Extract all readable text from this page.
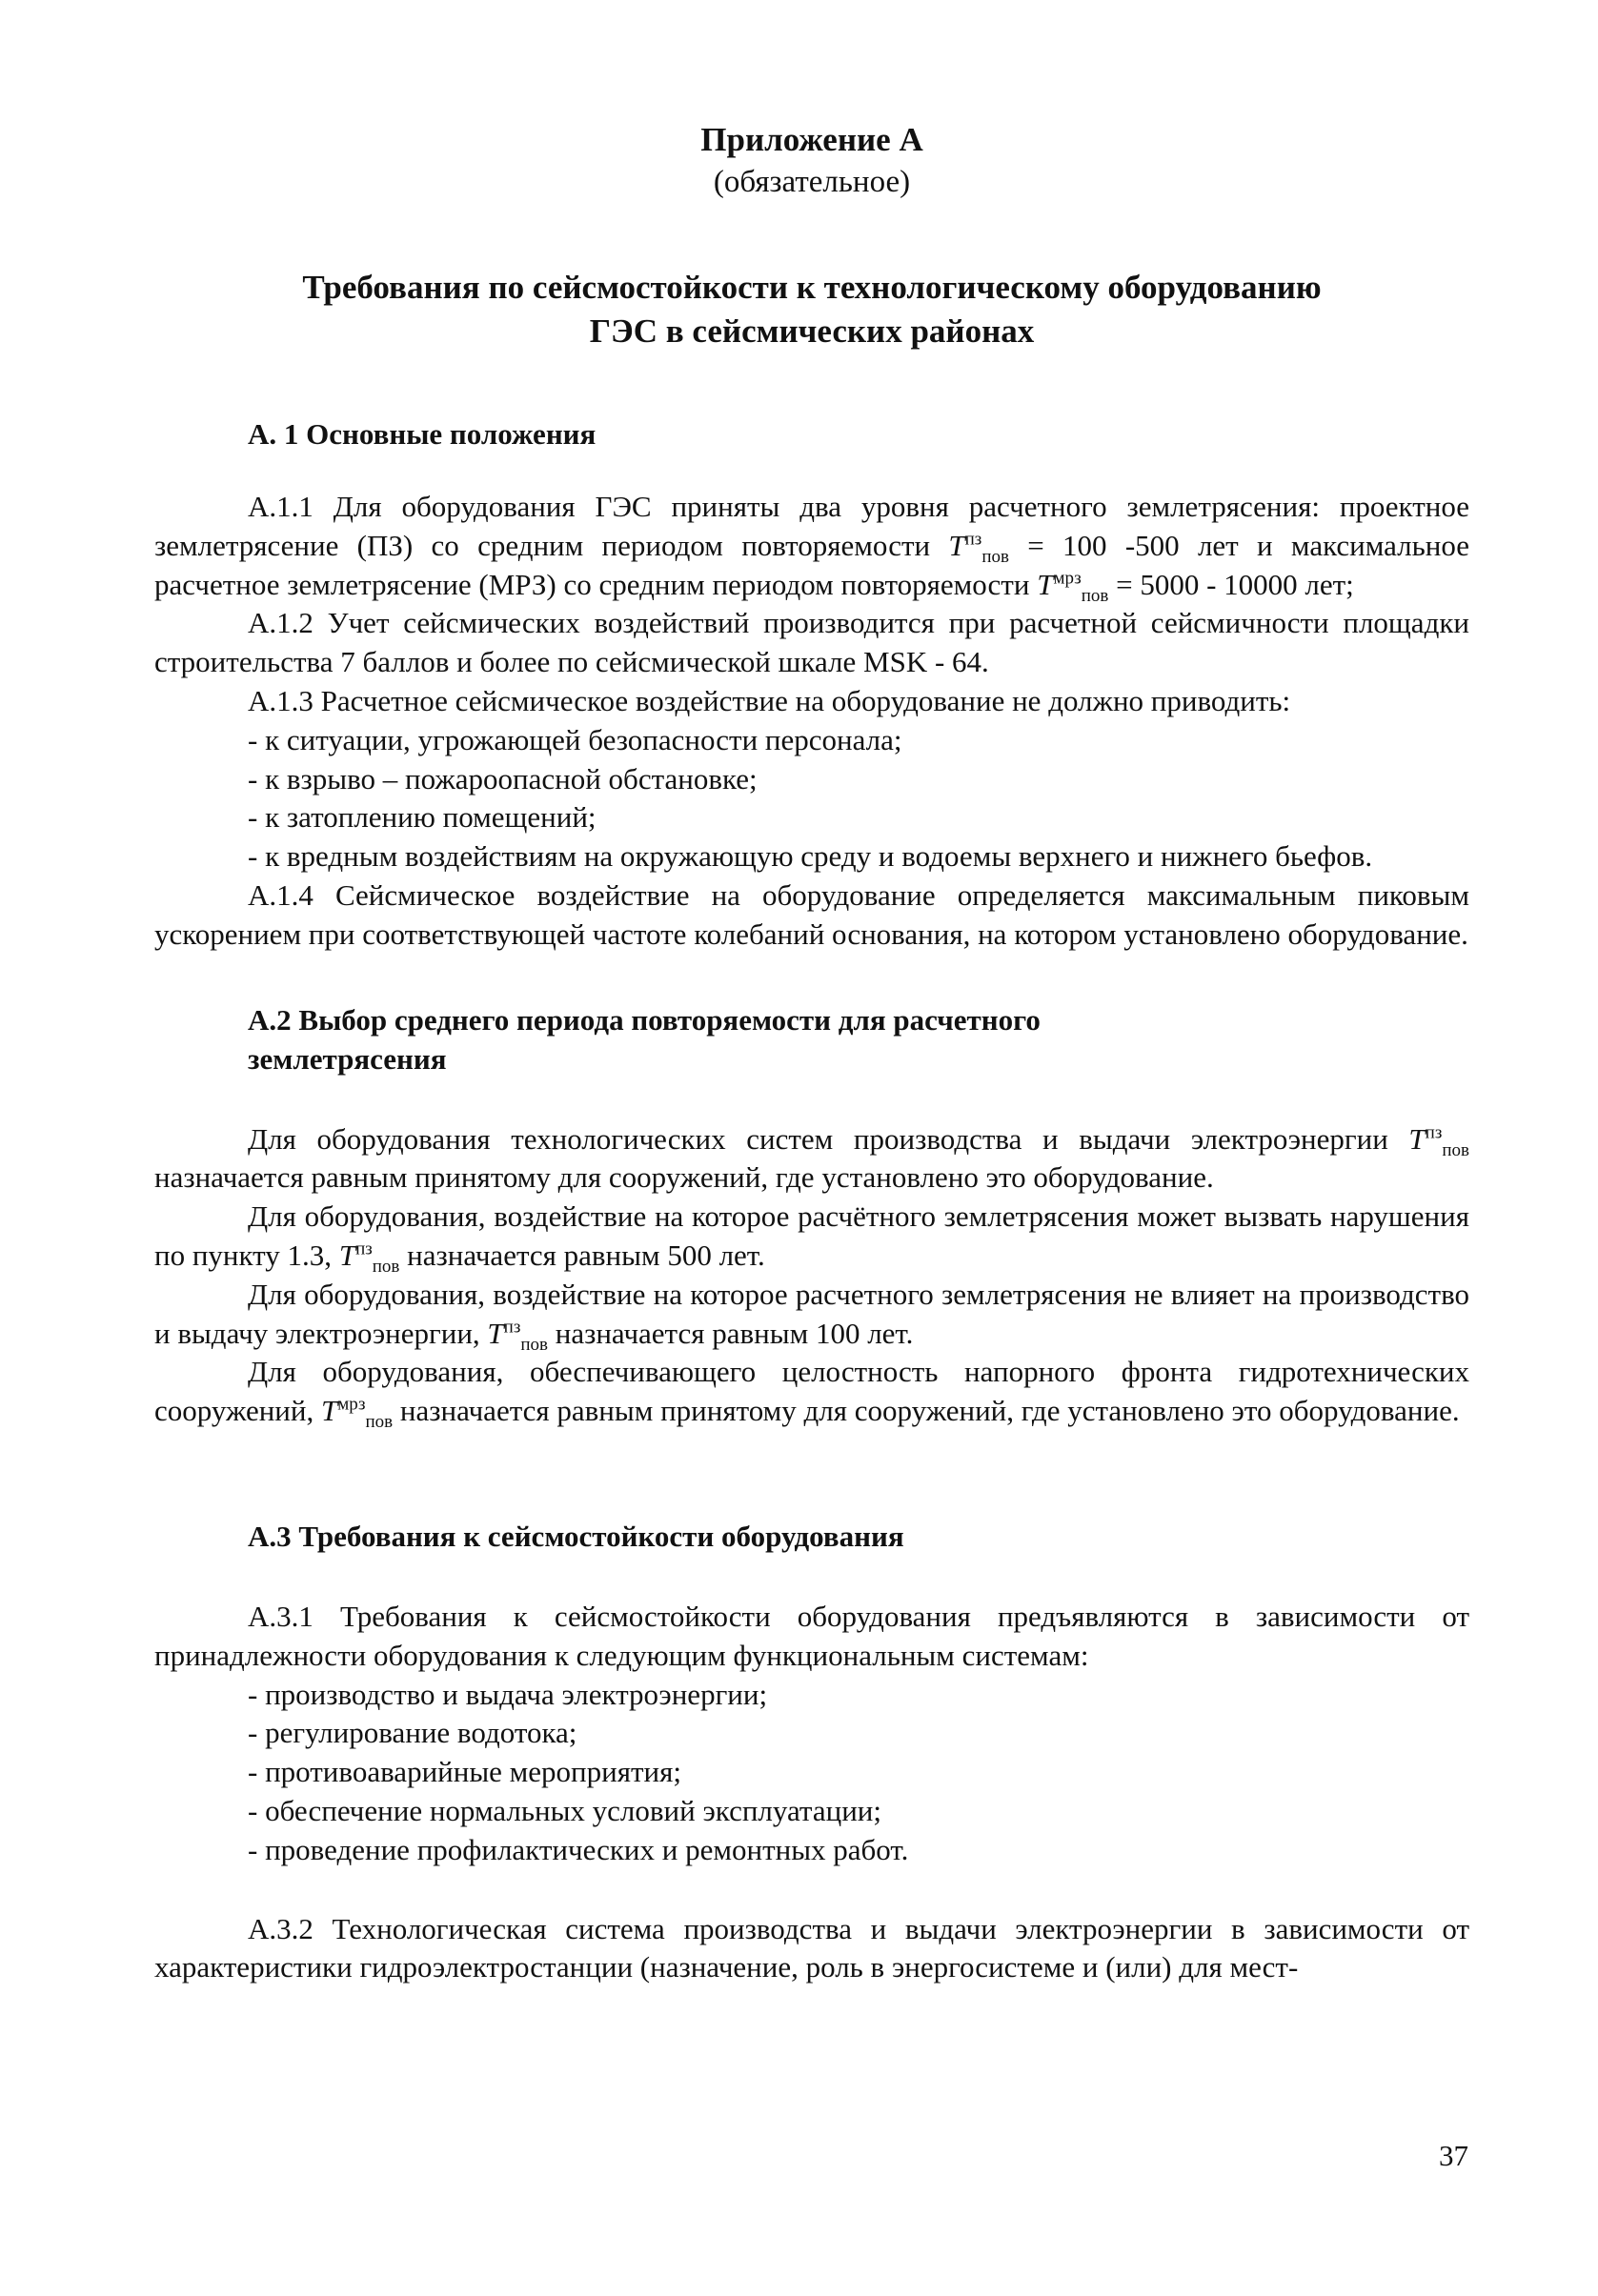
Приложение А
(обязательное)
Требования по сейсмостойкости к технологическому оборудованию
ГЭС в сейсмических районах
А. 1 Основные положения

А.1.1 Для оборудования ГЭС приняты два уровня расчетного землетрясения: проектное землетрясение (ПЗ) со средним периодом повторяемости $T^{пз}_{пов} = 100$ -500 лет и максимальное расчетное землетрясение (МРЗ) со средним периодом повторяемости $T^{мрз}_{пов} = 5000 - 10000$ лет;

А.1.2 Учет сейсмических воздействий производится при расчетной сейсмичности площадки строительства 7 баллов и более по сейсмической шкале MSK - 64.

А.1.3 Расчетное сейсмическое воздействие на оборудование не должно приводить:

- к ситуации, угрожающей безопасности персонала;
- к взрыво – пожароопасной обстановке;
- к затоплению помещений;

- к вредным воздействиям на окружающую среду и водоемы верхнего и нижнего бьефов.

А.1.4 Сейсмическое воздействие на оборудование определяется максимальным пиковым ускорением при соответствующей частоте колебаний основания, на котором установлено оборудование.

А.2 Выбор среднего периода повторяемости для расчетного
землетрясения

Для оборудования технологических систем производства и выдачи электроэнергии $T^{пз}_{пов}$ назначается равным принятому для сооружений, где установлено это оборудование.

Для оборудования, воздействие на которое расчётного землетрясения может вызвать нарушения по пункту 1.3, $T^{пз}_{пов}$ назначается равным 500 лет.

Для оборудования, воздействие на которое расчетного землетрясения не влияет на производство и выдачу электроэнергии, $T^{пз}_{пов}$ назначается равным 100 лет.

Для оборудования, обеспечивающего целостность напорного фронта гидротехнических сооружений, $T^{мрз}_{пов}$ назначается равным принятому для сооружений, где установлено это оборудование.

А.3 Требования к сейсмостойкости оборудования

А.3.1 Требования к сейсмостойкости оборудования предъявляются в зависимости от принадлежности оборудования к следующим функциональным системам:

- производство и выдача электроэнергии;
- регулирование водотока;
- противоаварийные мероприятия;
- обеспечение нормальных условий эксплуатации;
- проведение профилактических и ремонтных работ.

А.3.2 Технологическая система производства и выдачи электроэнергии в зависимости от характеристики гидроэлектростанции (назначение, роль в энергосистеме и (или) для мест-

37
